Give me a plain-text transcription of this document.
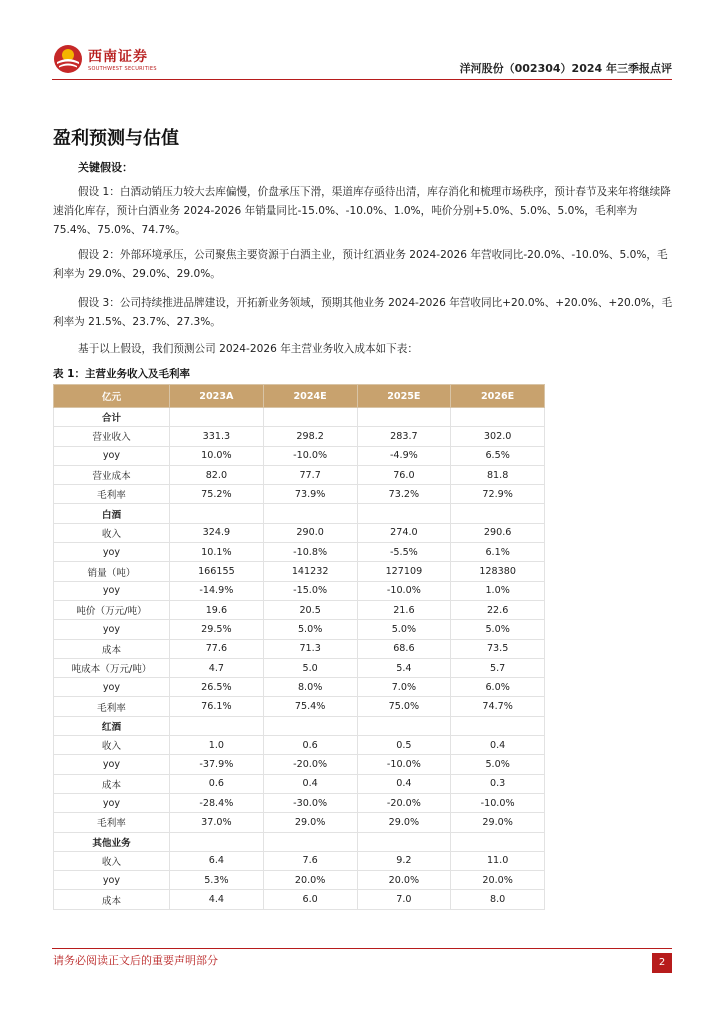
西南证券
SOUTHWEST SECURITIES	洋河股份（002304）2024 年三季报点评
盈利预测与估值
关键假设：

假设 1：白酒动销压力较大去库偏慢，价盘承压下滑，渠道库存亟待出清，库存消化和梳理市场秩序，预计春节及来年将继续降速消化库存，预计白酒业务 2024-2026 年销量同比-15.0%、-10.0%、1.0%，吨价分别+5.0%、5.0%、5.0%，毛利率为 75.4%、75.0%、74.7%。

假设 2：外部环境承压，公司聚焦主要资源于白酒主业，预计红酒业务 2024-2026 年营收同比-20.0%、-10.0%、5.0%，毛利率为 29.0%、29.0%、29.0%。

假设 3：公司持续推进品牌建设，开拓新业务领域，预期其他业务 2024-2026 年营收同比+20.0%、+20.0%、+20.0%，毛利率为 21.5%、23.7%、27.3%。

基于以上假设，我们预测公司 2024-2026 年主营业务收入成本如下表：

表 1：主营业务收入及毛利率
亿元	2023A	2024E	2025E	2026E
合计				
营业收入	331.3	298.2	283.7	302.0
yoy	10.0%	-10.0%	-4.9%	6.5%
营业成本	82.0	77.7	76.0	81.8
毛利率	75.2%	73.9%	73.2%	72.9%
白酒				
收入	324.9	290.0	274.0	290.6
yoy	10.1%	-10.8%	-5.5%	6.1%
销量（吨）	166155	141232	127109	128380
yoy	-14.9%	-15.0%	-10.0%	1.0%
吨价（万元/吨）	19.6	20.5	21.6	22.6
yoy	29.5%	5.0%	5.0%	5.0%
成本	77.6	71.3	68.6	73.5
吨成本（万元/吨）	4.7	5.0	5.4	5.7
yoy	26.5%	8.0%	7.0%	6.0%
毛利率	76.1%	75.4%	75.0%	74.7%
红酒				
收入	1.0	0.6	0.5	0.4
yoy	-37.9%	-20.0%	-10.0%	5.0%
成本	0.6	0.4	0.4	0.3
yoy	-28.4%	-30.0%	-20.0%	-10.0%
毛利率	37.0%	29.0%	29.0%	29.0%
其他业务				
收入	6.4	7.6	9.2	11.0
yoy	5.3%	20.0%	20.0%	20.0%
成本	4.4	6.0	7.0	8.0
请务必阅读正文后的重要声明部分	2
